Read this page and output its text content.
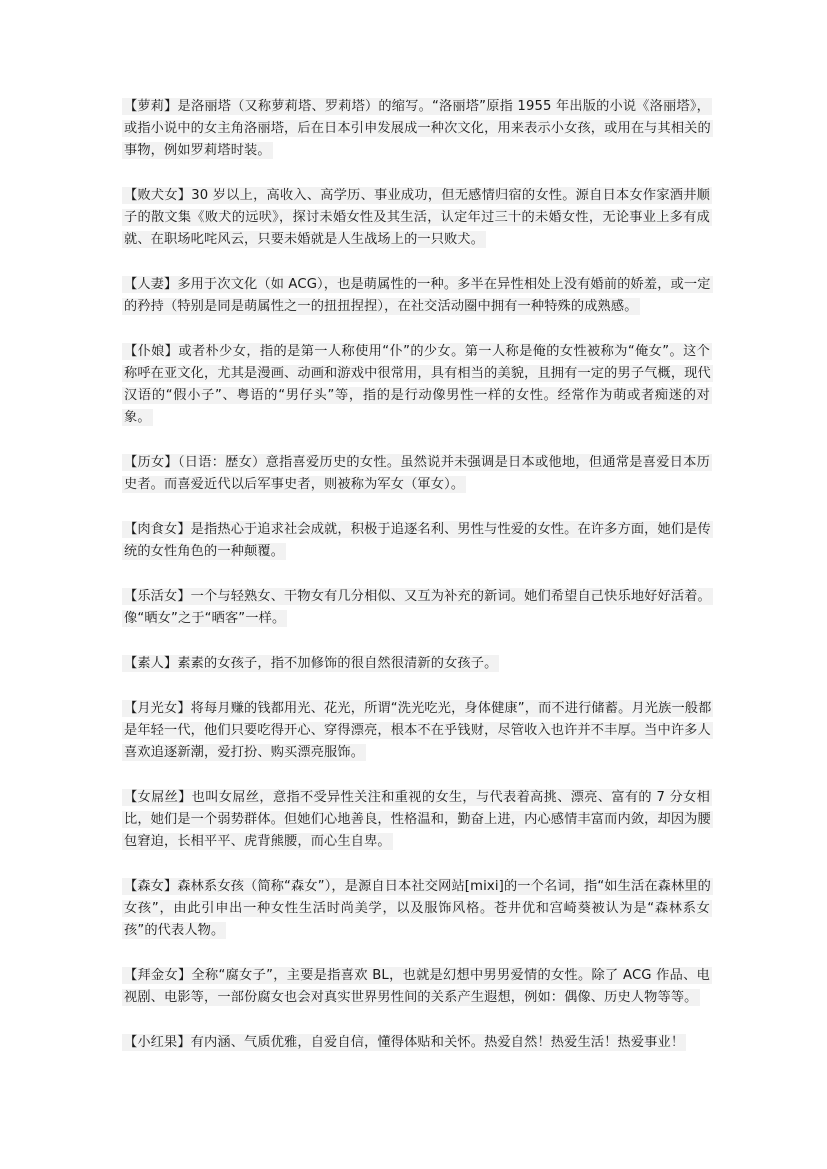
【萝莉】是洛丽塔（又称萝莉塔、罗莉塔）的缩写。“洛丽塔”原指 1955 年出版的小说《洛丽塔》，或指小说中的女主角洛丽塔，后在日本引申发展成一种次文化，用来表示小女孩，或用在与其相关的事物，例如罗莉塔时装。

【败犬女】30 岁以上，高收入、高学历、事业成功，但无感情归宿的女性。源自日本女作家酒井顺子的散文集《败犬的远吠》，探讨未婚女性及其生活，认定年过三十的未婚女性，无论事业上多有成就、在职场叱咤风云，只要未婚就是人生战场上的一只败犬。

【人妻】多用于次文化（如 ACG），也是萌属性的一种。多半在异性相处上没有婚前的娇羞，或一定的矜持（特别是同是萌属性之一的扭扭捏捏），在社交活动圈中拥有一种特殊的成熟感。

【仆娘】或者朴少女，指的是第一人称使用“仆”的少女。第一人称是俺的女性被称为“俺女”。这个称呼在亚文化，尤其是漫画、动画和游戏中很常用，具有相当的美貌，且拥有一定的男子气概，现代汉语的“假小子”、粤语的“男仔头”等，指的是行动像男性一样的女性。经常作为萌或者痴迷的对象。

【历女】（日语：歴女）意指喜爱历史的女性。虽然说并未强调是日本或他地，但通常是喜爱日本历史者。而喜爱近代以后军事史者，则被称为军女（軍女）。

【肉食女】是指热心于追求社会成就，积极于追逐名利、男性与性爱的女性。在许多方面，她们是传统的女性角色的一种颠覆。

【乐活女】一个与轻熟女、干物女有几分相似、又互为补充的新词。她们希望自己快乐地好好活着。像“晒女”之于“晒客”一样。

【素人】素素的女孩子，指不加修饰的很自然很清新的女孩子。

【月光女】将每月赚的钱都用光、花光，所谓“洗光吃光，身体健康”，而不进行储蓄。月光族一般都是年轻一代，他们只要吃得开心、穿得漂亮，根本不在乎钱财，尽管收入也许并不丰厚。当中许多人喜欢追逐新潮，爱打扮、购买漂亮服饰。

【女屌丝】也叫女屌丝，意指不受异性关注和重视的女生，与代表着高挑、漂亮、富有的 7 分女相比，她们是一个弱势群体。但她们心地善良，性格温和，勤奋上进，内心感情丰富而内敛，却因为腰包窘迫，长相平平、虎背熊腰，而心生自卑。

【森女】森林系女孩（简称“森女”），是源自日本社交网站[mixi]的一个名词，指“如生活在森林里的女孩”，由此引申出一种女性生活时尚美学，以及服饰风格。苍井优和宫崎葵被认为是“森林系女孩”的代表人物。

【拜金女】全称“腐女子”，主要是指喜欢 BL，也就是幻想中男男爱情的女性。除了 ACG 作品、电视剧、电影等，一部份腐女也会对真实世界男性间的关系产生遐想，例如：偶像、历史人物等等。

【小红果】有内涵、气质优雅，自爱自信，懂得体贴和关怀。热爱自然！热爱生活！热爱事业！
